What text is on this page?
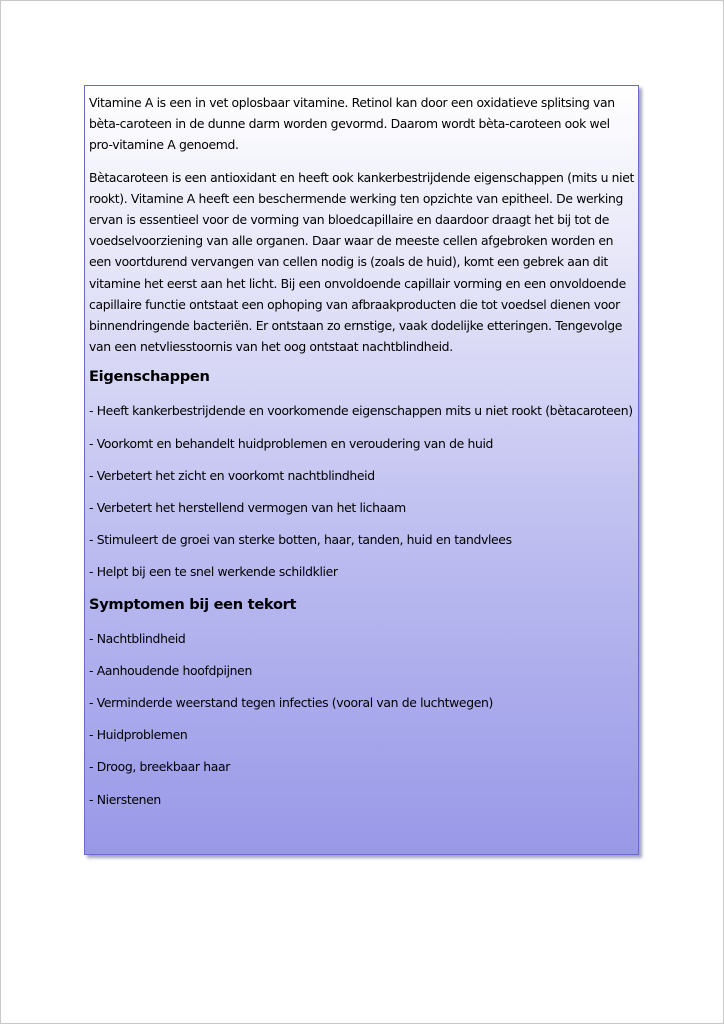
Vitamine A is een in vet oplosbaar vitamine. Retinol kan door een oxidatieve splitsing van bèta-caroteen in de dunne darm worden gevormd. Daarom wordt bèta-caroteen ook wel pro-vitamine A genoemd.

Bètacaroteen is een antioxidant en heeft ook kankerbestrijdende eigenschappen (mits u niet rookt). Vitamine A heeft een beschermende werking ten opzichte van epitheel. De werking ervan is essentieel voor de vorming van bloedcapillaire en daardoor draagt het bij tot de voedselvoorziening van alle organen. Daar waar de meeste cellen afgebroken worden en een voortdurend vervangen van cellen nodig is (zoals de huid), komt een gebrek aan dit vitamine het eerst aan het licht. Bij een onvoldoende capillair vorming en een onvoldoende capillaire functie ontstaat een ophoping van afbraakproducten die tot voedsel dienen voor binnendringende bacteriën. Er ontstaan zo ernstige, vaak dodelijke etteringen. Tengevolge van een netvliesstoornis van het oog ontstaat nachtblindheid.

Eigenschappen

- Heeft kankerbestrijdende en voorkomende eigenschappen mits u niet rookt (bètacaroteen)

- Voorkomt en behandelt huidproblemen en veroudering van de huid

- Verbetert het zicht en voorkomt nachtblindheid

- Verbetert het herstellend vermogen van het lichaam

- Stimuleert de groei van sterke botten, haar, tanden, huid en tandvlees

- Helpt bij een te snel werkende schildklier

Symptomen bij een tekort

- Nachtblindheid

- Aanhoudende hoofdpijnen

- Verminderde weerstand tegen infecties (vooral van de luchtwegen)

- Huidproblemen

- Droog, breekbaar haar

- Nierstenen
